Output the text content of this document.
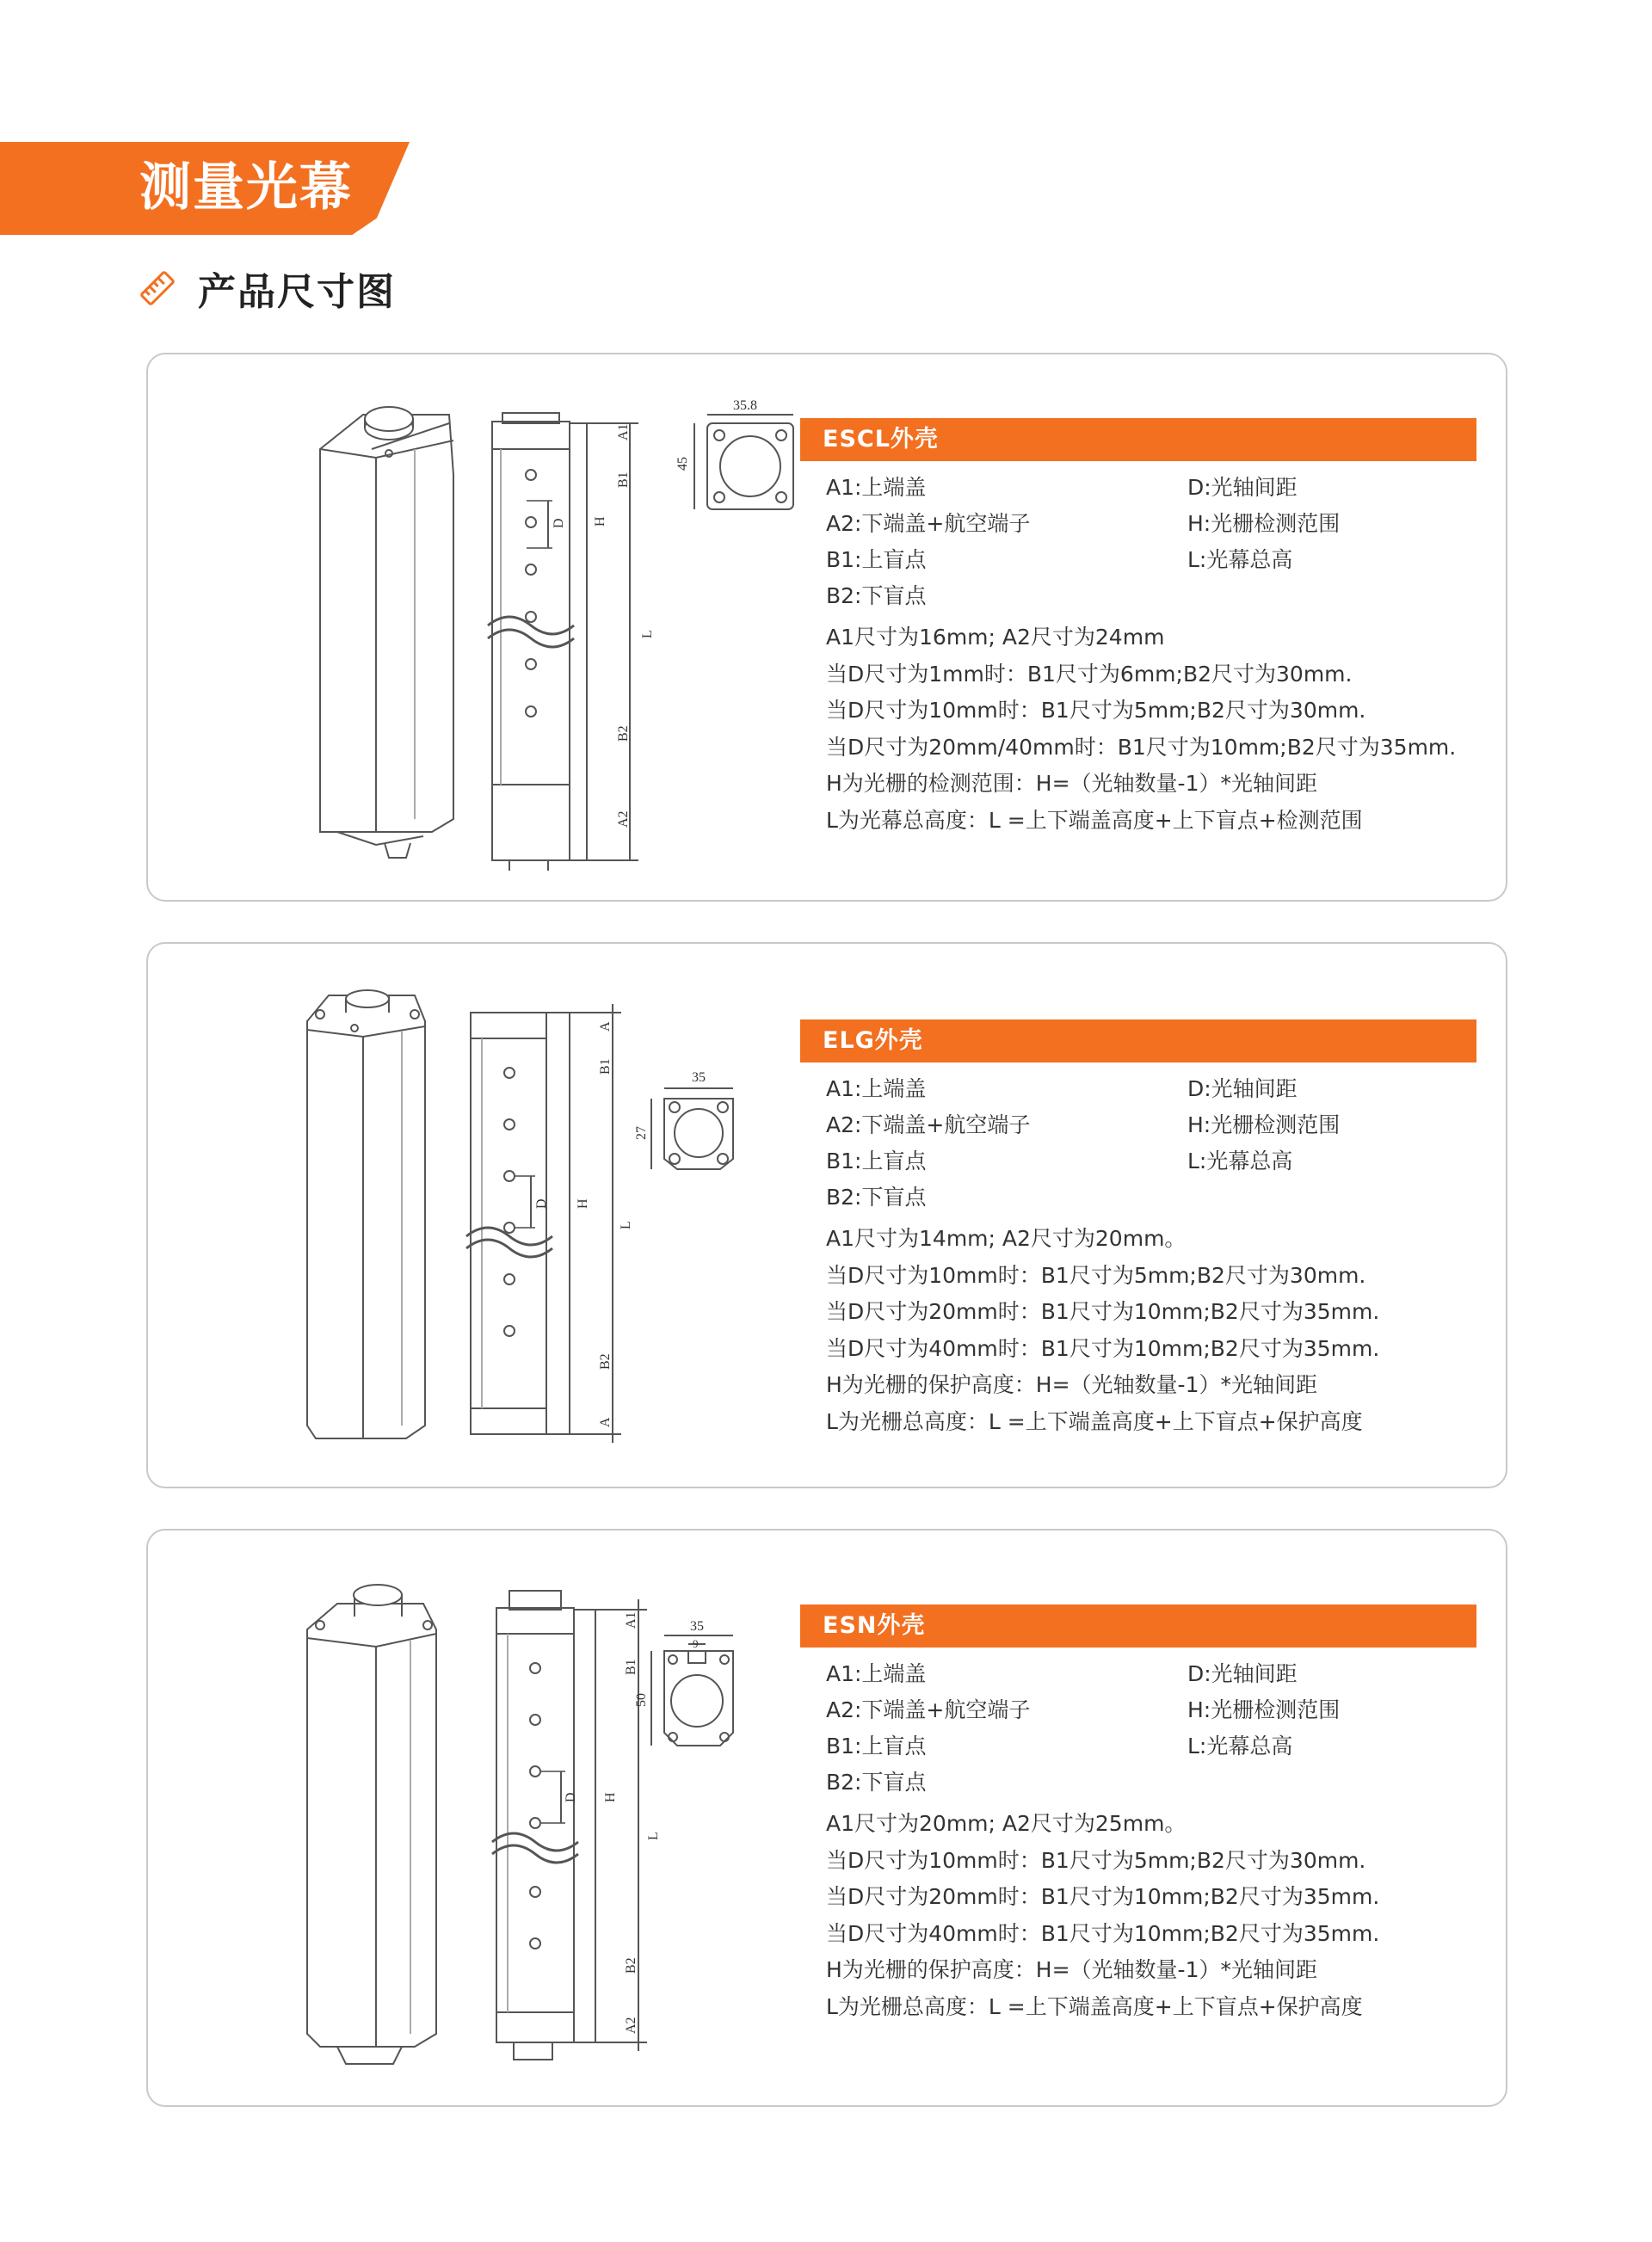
测量光幕
产品尺寸图
35.8
45
A1
B1
D H
L
B2
A2
ESCL外壳
A1:上端盖	D:光轴间距
A2:下端盖+航空端子	H:光栅检测范围
B1:上盲点	L:光幕总高
B2:下盲点
A1尺寸为16mm; A2尺寸为24mm
当D尺寸为1mm时：B1尺寸为6mm;B2尺寸为30mm.
当D尺寸为10mm时：B1尺寸为5mm;B2尺寸为30mm.
当D尺寸为20mm/40mm时：B1尺寸为10mm;B2尺寸为35mm.
H为光栅的检测范围：H=（光轴数量-1）*光轴间距
L为光幕总高度：L =上下端盖高度+上下盲点+检测范围
35
27
A
B1
D H
L
B2
A
ELG外壳
A1:上端盖	D:光轴间距
A2:下端盖+航空端子	H:光栅检测范围
B1:上盲点	L:光幕总高
B2:下盲点
A1尺寸为14mm; A2尺寸为20mm。
当D尺寸为10mm时：B1尺寸为5mm;B2尺寸为30mm.
当D尺寸为20mm时：B1尺寸为10mm;B2尺寸为35mm.
当D尺寸为40mm时：B1尺寸为10mm;B2尺寸为35mm.
H为光栅的保护高度：H=（光轴数量-1）*光轴间距
L为光栅总高度：L =上下端盖高度+上下盲点+保护高度
35
9
50
A1
B1
D H
L
B2
A2
ESN外壳
A1:上端盖	D:光轴间距
A2:下端盖+航空端子	H:光栅检测范围
B1:上盲点	L:光幕总高
B2:下盲点
A1尺寸为20mm; A2尺寸为25mm。
当D尺寸为10mm时：B1尺寸为5mm;B2尺寸为30mm.
当D尺寸为20mm时：B1尺寸为10mm;B2尺寸为35mm.
当D尺寸为40mm时：B1尺寸为10mm;B2尺寸为35mm.
H为光栅的保护高度：H=（光轴数量-1）*光轴间距
L为光栅总高度：L =上下端盖高度+上下盲点+保护高度
